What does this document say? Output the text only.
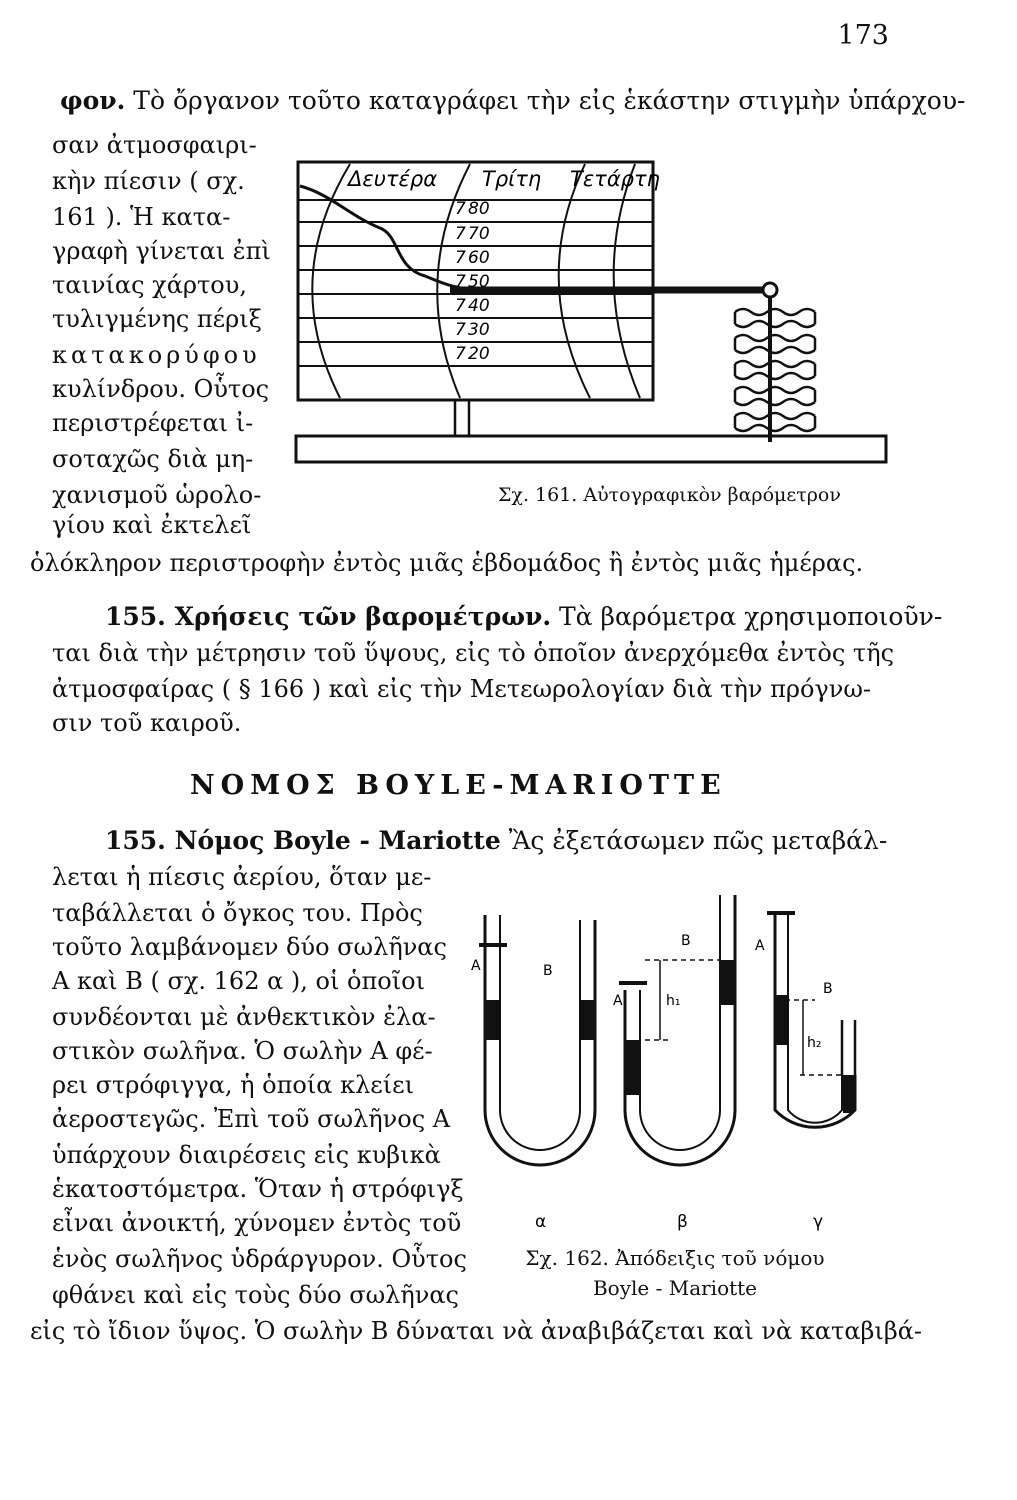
173
φον. Τὸ ὄργανον τοῦτο καταγράφει τὴν εἰς ἑκάστην στιγμὴν ὑπάρχου-
σαν ἀτμοσφαιρι-
κὴν πίεσιν ( σχ.
161 ). Ἡ κατα-
γραφὴ γίνεται ἐπὶ
ταινίας χάρτου,
τυλιγμένης πέριξ
κατακορύφου
κυλίνδρου. Οὗτος
περιστρέφεται ἰ-
σοταχῶς διὰ μη-
χανισμοῦ ὡρολο-
γίου καὶ ἐκτελεῖ
ὁλόκληρον περιστροφὴν ἐντὸς μιᾶς ἑβδομάδος ἢ ἐντὸς μιᾶς ἡμέρας.
Δευτέρα Τρίτη Τετάρτη
7 80
7 70
7 60
7 50
7 40
7 30
7 20
Σχ. 161. Αὐτογραφικὸν βαρόμετρον
155. Χρήσεις τῶν βαρομέτρων. Τὰ βαρόμετρα χρησιμοποιοῦν-
ται διὰ τὴν μέτρησιν τοῦ ὕψους, εἰς τὸ ὁποῖον ἀνερχόμεθα ἐντὸς τῆς
ἀτμοσφαίρας ( § 166 ) καὶ εἰς τὴν Μετεωρολογίαν διὰ τὴν πρόγνω-
σιν τοῦ καιροῦ.
ΝΟΜΟΣ BOYLE-MARIOTTE
155. Νόμος Boyle - Mariotte Ἂς ἐξετάσωμεν πῶς μεταβάλ-
λεται ἡ πίεσις ἀερίου, ὅταν με-
ταβάλλεται ὁ ὄγκος του. Πρὸς
τοῦτο λαμβάνομεν δύο σωλῆνας
Α καὶ Β ( σχ. 162 α ), οἱ ὁποῖοι
συνδέονται μὲ ἀνθεκτικὸν ἐλα-
στικὸν σωλῆνα. Ὁ σωλὴν Α φέ-
ρει στρόφιγγα, ἡ ὁποία κλείει
ἀεροστεγῶς. Ἐπὶ τοῦ σωλῆνος Α
ὑπάρχουν διαιρέσεις εἰς κυβικὰ
ἑκατοστόμετρα. Ὅταν ἡ στρόφιγξ
εἶναι ἀνοικτή, χύνομεν ἐντὸς τοῦ
ἑνὸς σωλῆνος ὑδράργυρον. Οὗτος
φθάνει καὶ εἰς τοὺς δύο σωλῆνας
εἰς τὸ ἴδιον ὕψος. Ὁ σωλὴν Β δύναται νὰ ἀναβιβάζεται καὶ νὰ καταβιβά-
A	B
A
B
h₁
A
B
h₂
α	β	γ
Σχ. 162. Ἀπόδειξις τοῦ νόμου
Boyle - Mariotte
